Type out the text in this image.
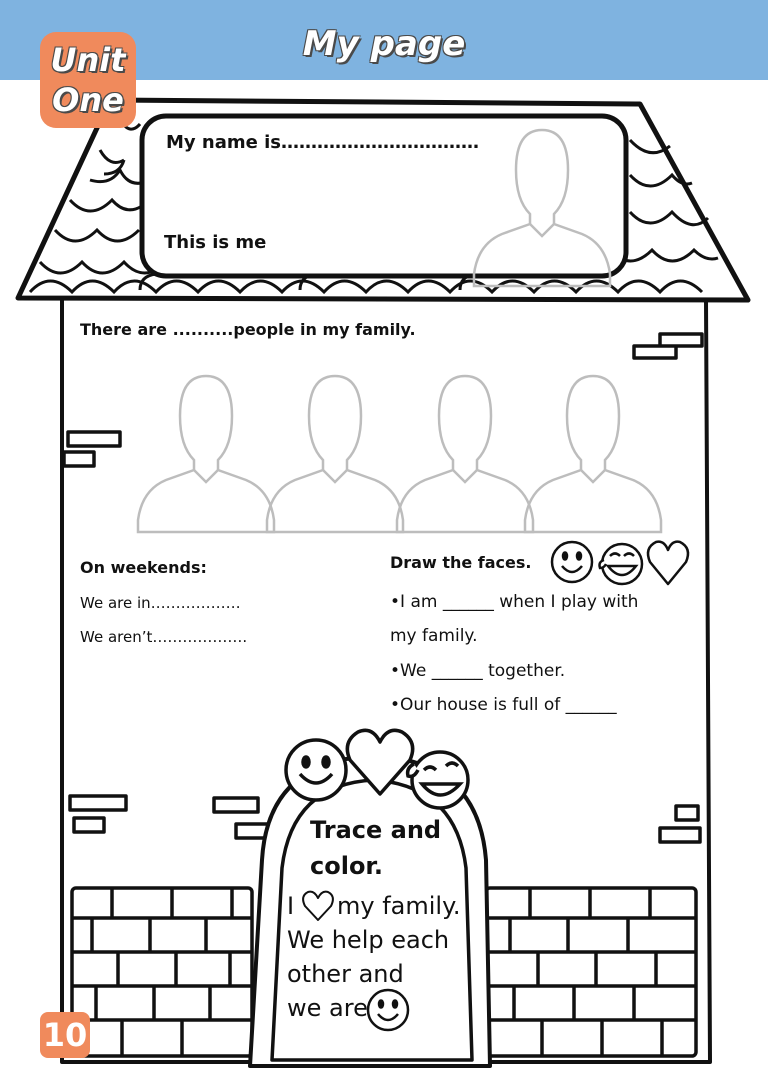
My page
Unit
One
My name is……………………………
This is me
There are ..........people in my family.
On weekends:
We are in………………
We aren’t……………….
Draw the faces.
•I am ______ when I play with
my family.
•We ______ together.
•Our house is full of ______
Trace and
color.
I my family.
We help each
other and
we are
10
